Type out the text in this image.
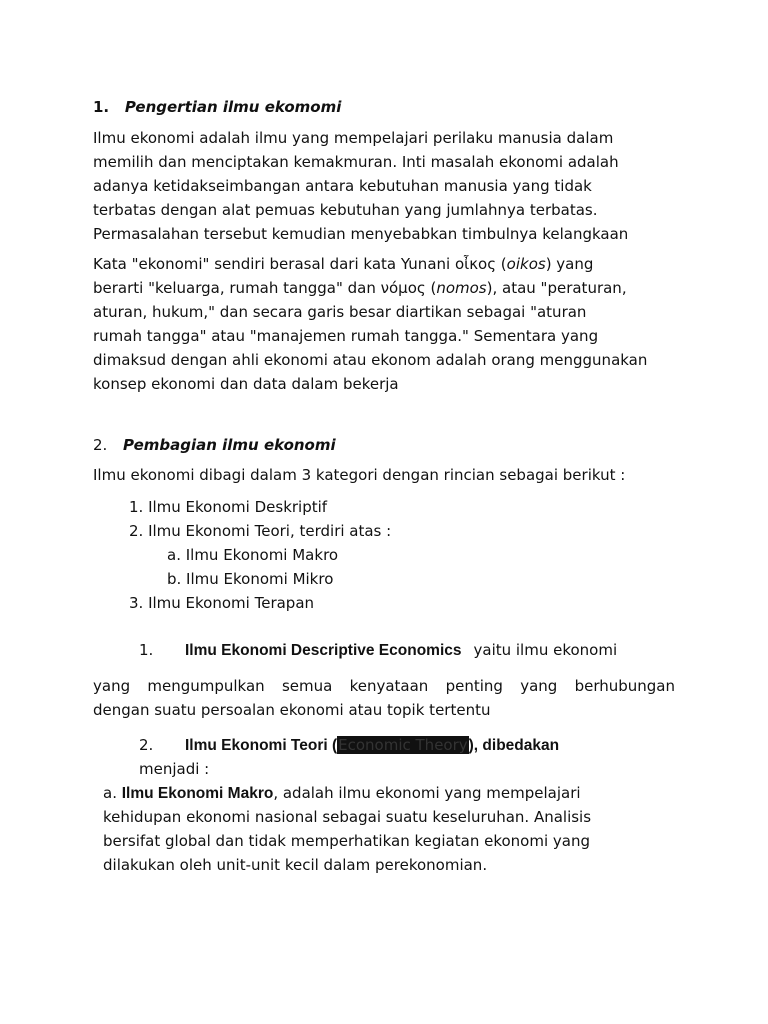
1. Pengertian ilmu ekomomi
Ilmu ekonomi adalah ilmu yang mempelajari perilaku manusia dalam
memilih dan menciptakan kemakmuran. Inti masalah ekonomi adalah
adanya ketidakseimbangan antara kebutuhan manusia yang tidak
terbatas dengan alat pemuas kebutuhan yang jumlahnya terbatas.
Permasalahan tersebut kemudian menyebabkan timbulnya kelangkaan
Kata "ekonomi" sendiri berasal dari kata Yunani οἶκος (oikos) yang
berarti "keluarga, rumah tangga" dan νόμος (nomos), atau "peraturan,
aturan, hukum," dan secara garis besar diartikan sebagai "aturan
rumah tangga" atau "manajemen rumah tangga." Sementara yang
dimaksud dengan ahli ekonomi atau ekonom adalah orang menggunakan
konsep ekonomi dan data dalam bekerja
2. Pembagian ilmu ekonomi
Ilmu ekonomi dibagi dalam 3 kategori dengan rincian sebagai berikut :
1. Ilmu Ekonomi Deskriptif
2. Ilmu Ekonomi Teori, terdiri atas :
a. Ilmu Ekonomi Makro
b. Ilmu Ekonomi Mikro
3. Ilmu Ekonomi Terapan
1. Ilmu Ekonomi Descriptive Economics yaitu ilmu ekonomi
yang mengumpulkan semua kenyataan penting yang berhubungan
dengan suatu persoalan ekonomi atau topik tertentu
2. Ilmu Ekonomi Teori (Economic Theory), dibedakan
menjadi :
a. Ilmu Ekonomi Makro, adalah ilmu ekonomi yang mempelajari
kehidupan ekonomi nasional sebagai suatu keseluruhan. Analisis
bersifat global dan tidak memperhatikan kegiatan ekonomi yang
dilakukan oleh unit-unit kecil dalam perekonomian.
